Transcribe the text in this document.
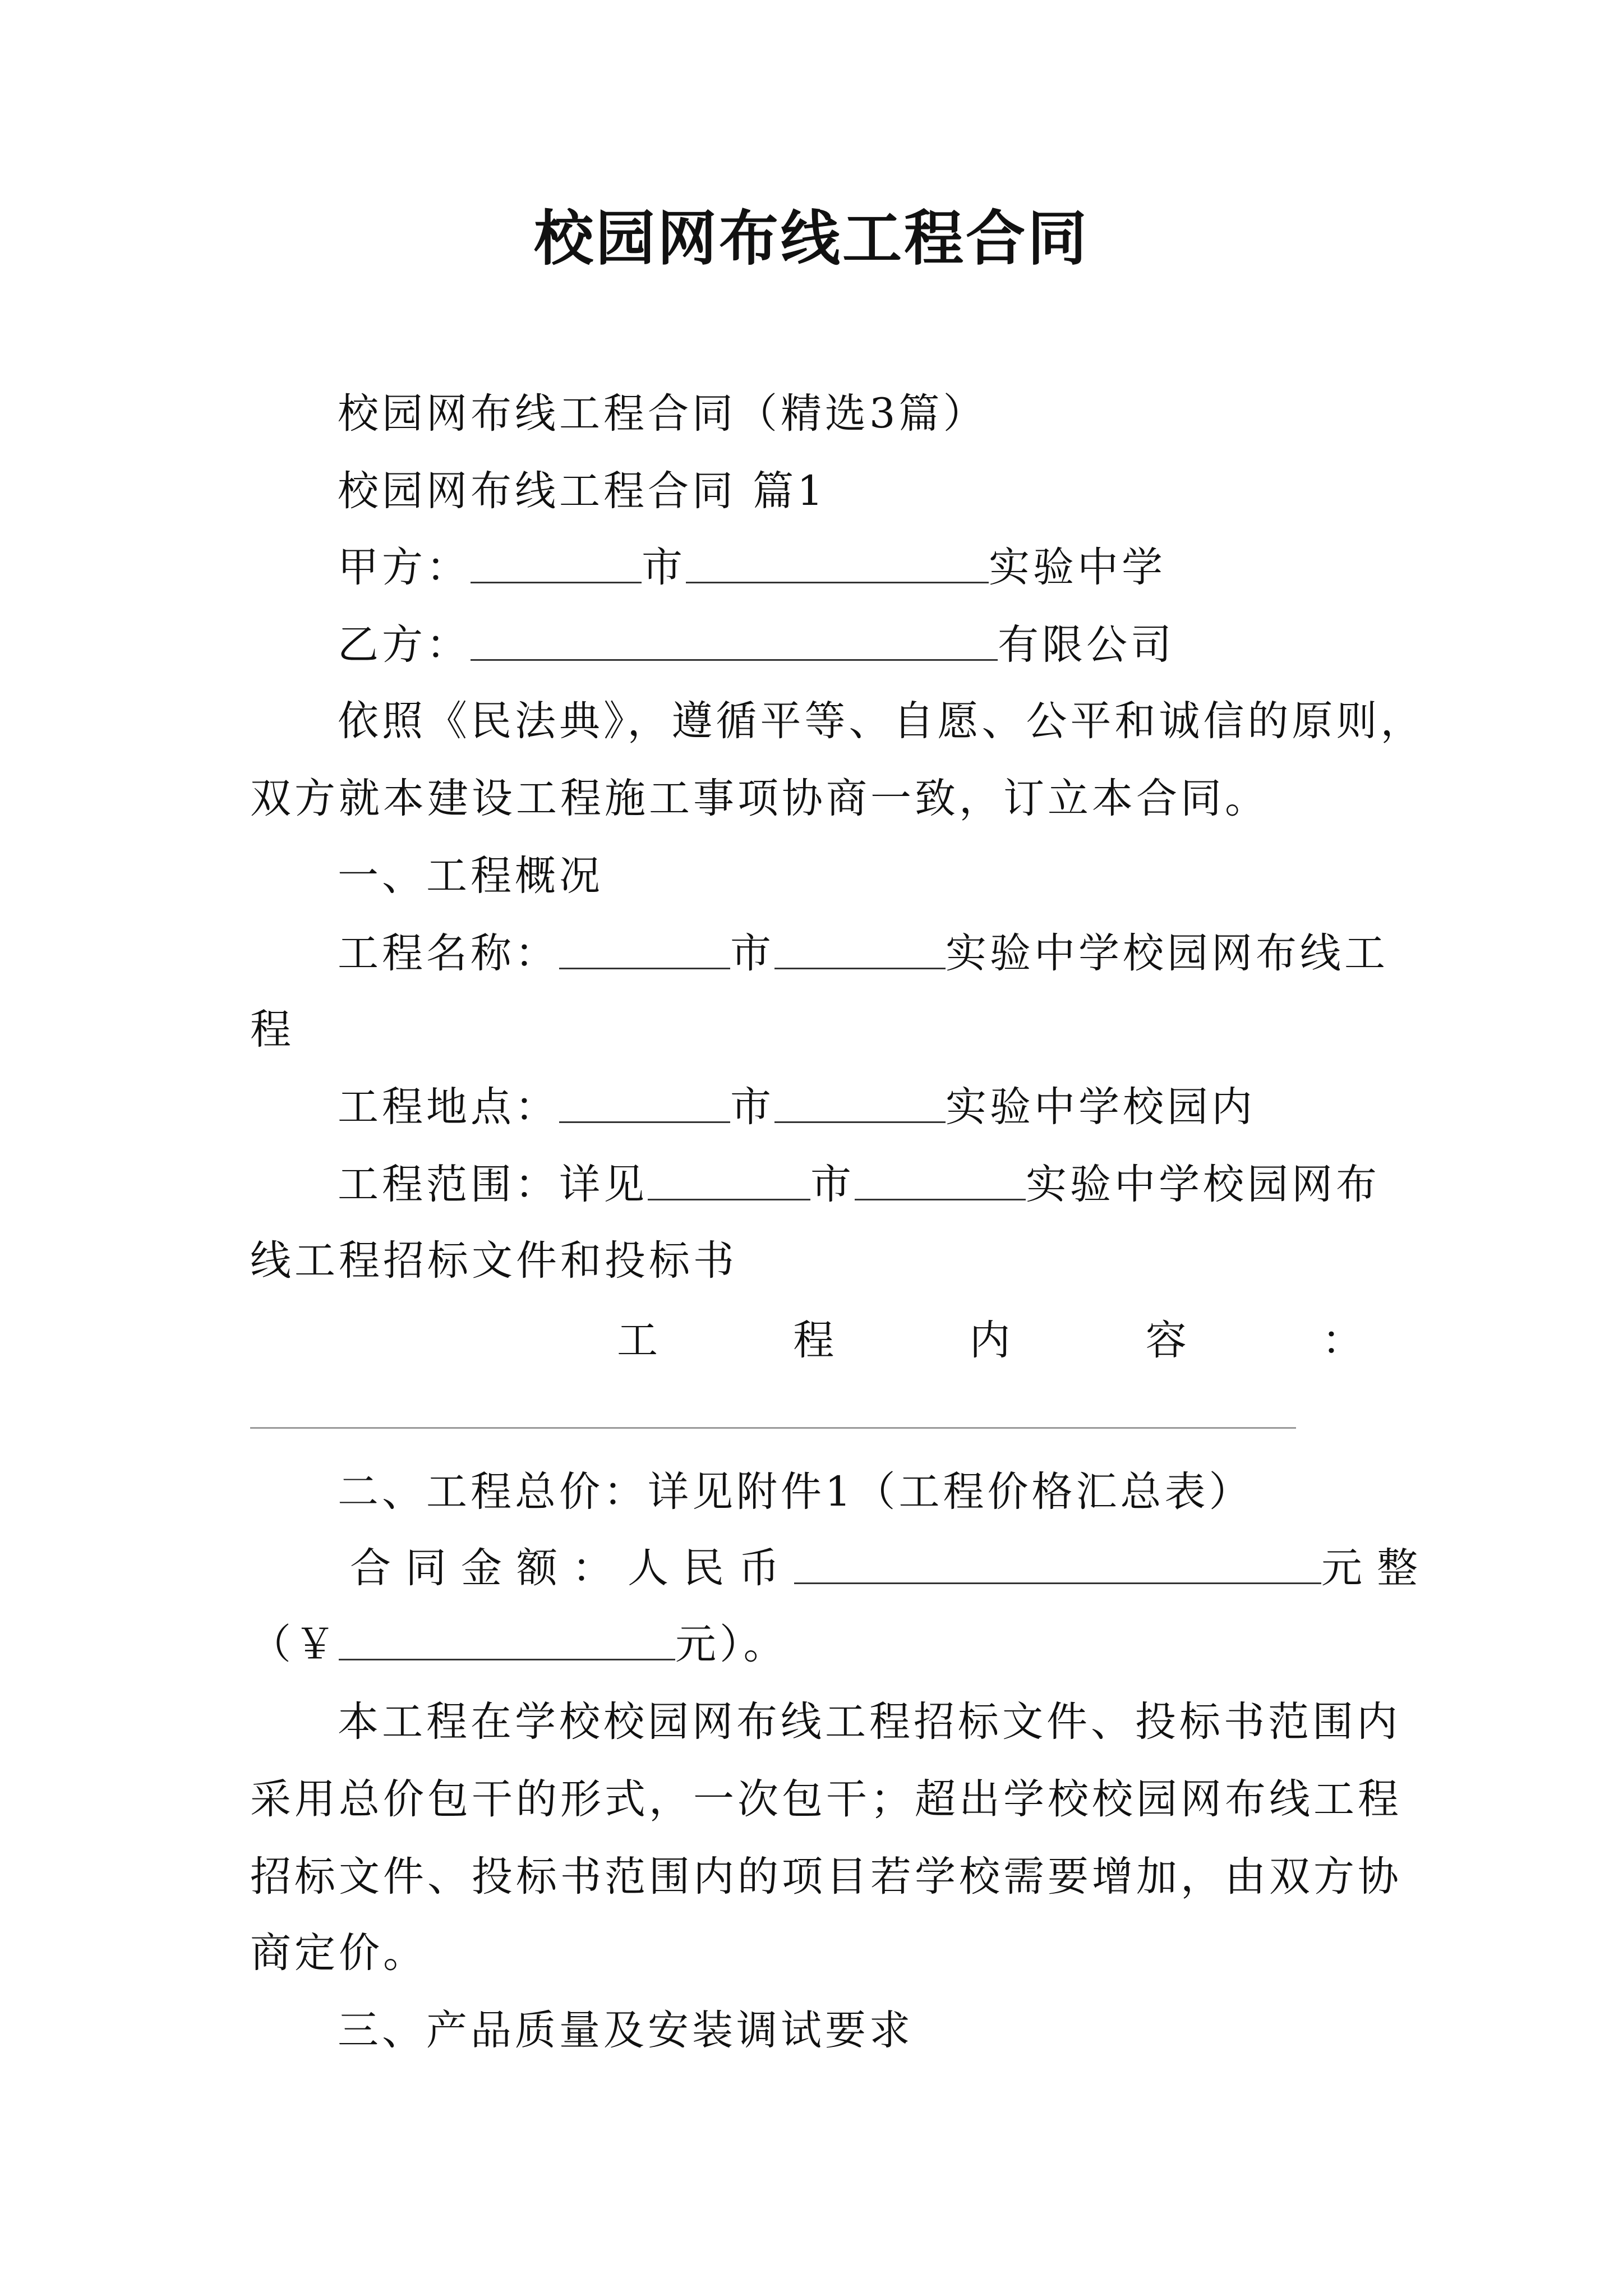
校园网布线工程合同
校园网布线工程合同（精选3篇）
校园网布线工程合同 篇1
甲方：	市	实验中学
乙方：	有限公司
依照《民法典》，遵循平等、自愿、公平和诚信的原则，
双方就本建设工程施工事项协商一致，订立本合同。
一、工程概况
工程名称：	市	实验中学校园网布线工
程
工程地点：	市	实验中学校园内
工程范围：详见	市	实验中学校园网布
线工程招标文件和投标书
工	程	内	容	：
二、工程总价：详见附件1（工程价格汇总表）
合同金额：人民币	元整
（￥	元）。
本工程在学校校园网布线工程招标文件、投标书范围内
采用总价包干的形式，一次包干；超出学校校园网布线工程
招标文件、投标书范围内的项目若学校需要增加，由双方协
商定价。
三、产品质量及安装调试要求
